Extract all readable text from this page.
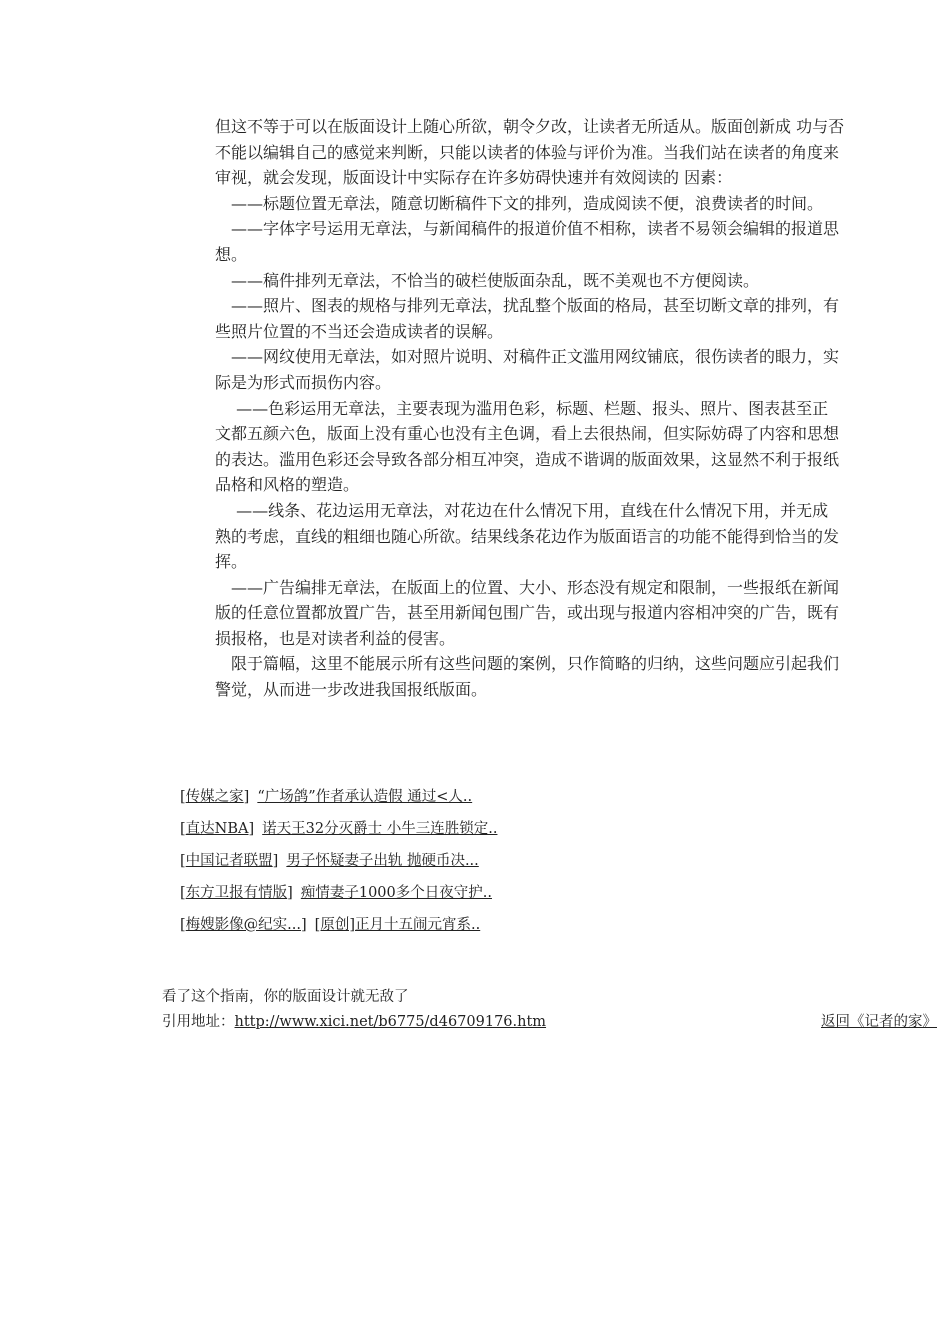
但这不等于可以在版面设计上随心所欲，朝令夕改，让读者无所适从。版面创新成 功与否
不能以编辑自己的感觉来判断，只能以读者的体验与评价为准。当我们站在读者的角度来
审视，就会发现，版面设计中实际存在许多妨碍快速并有效阅读的 因素：
　——标题位置无章法，随意切断稿件下文的排列，造成阅读不便，浪费读者的时间。
　——字体字号运用无章法，与新闻稿件的报道价值不相称，读者不易领会编辑的报道思
想。
　——稿件排列无章法，不恰当的破栏使版面杂乱，既不美观也不方便阅读。
　——照片、图表的规格与排列无章法，扰乱整个版面的格局，甚至切断文章的排列，有
些照片位置的不当还会造成读者的误解。
　——网纹使用无章法，如对照片说明、对稿件正文滥用网纹铺底，很伤读者的眼力，实
际是为形式而损伤内容。
　 ——色彩运用无章法，主要表现为滥用色彩，标题、栏题、报头、照片、图表甚至正
文都五颜六色，版面上没有重心也没有主色调，看上去很热闹，但实际妨碍了内容和思想
的表达。滥用色彩还会导致各部分相互冲突，造成不谐调的版面效果，这显然不利于报纸
品格和风格的塑造。
　 ——线条、花边运用无章法，对花边在什么情况下用，直线在什么情况下用，并无成
熟的考虑，直线的粗细也随心所欲。结果线条花边作为版面语言的功能不能得到恰当的发
挥。
　——广告编排无章法，在版面上的位置、大小、形态没有规定和限制，一些报纸在新闻
版的任意位置都放置广告，甚至用新闻包围广告，或出现与报道内容相冲突的广告，既有
损报格，也是对读者利益的侵害。
　限于篇幅，这里不能展示所有这些问题的案例，只作简略的归纳，这些问题应引起我们
警觉，从而进一步改进我国报纸版面。
[传媒之家] “广场鸽”作者承认造假 通过<人..
[直达NBA] 诺天王32分灭爵士 小牛三连胜锁定..
[中国记者联盟] 男子怀疑妻子出轨 抛硬币决...
[东方卫报有情版] 痴情妻子1000多个日夜守护..
[梅嫂影像@纪实...] [原创]正月十五闹元宵系..
看了这个指南，你的版面设计就无敌了
引用地址：http://www.xici.net/b6775/d46709176.htm	返回《记者的家》
